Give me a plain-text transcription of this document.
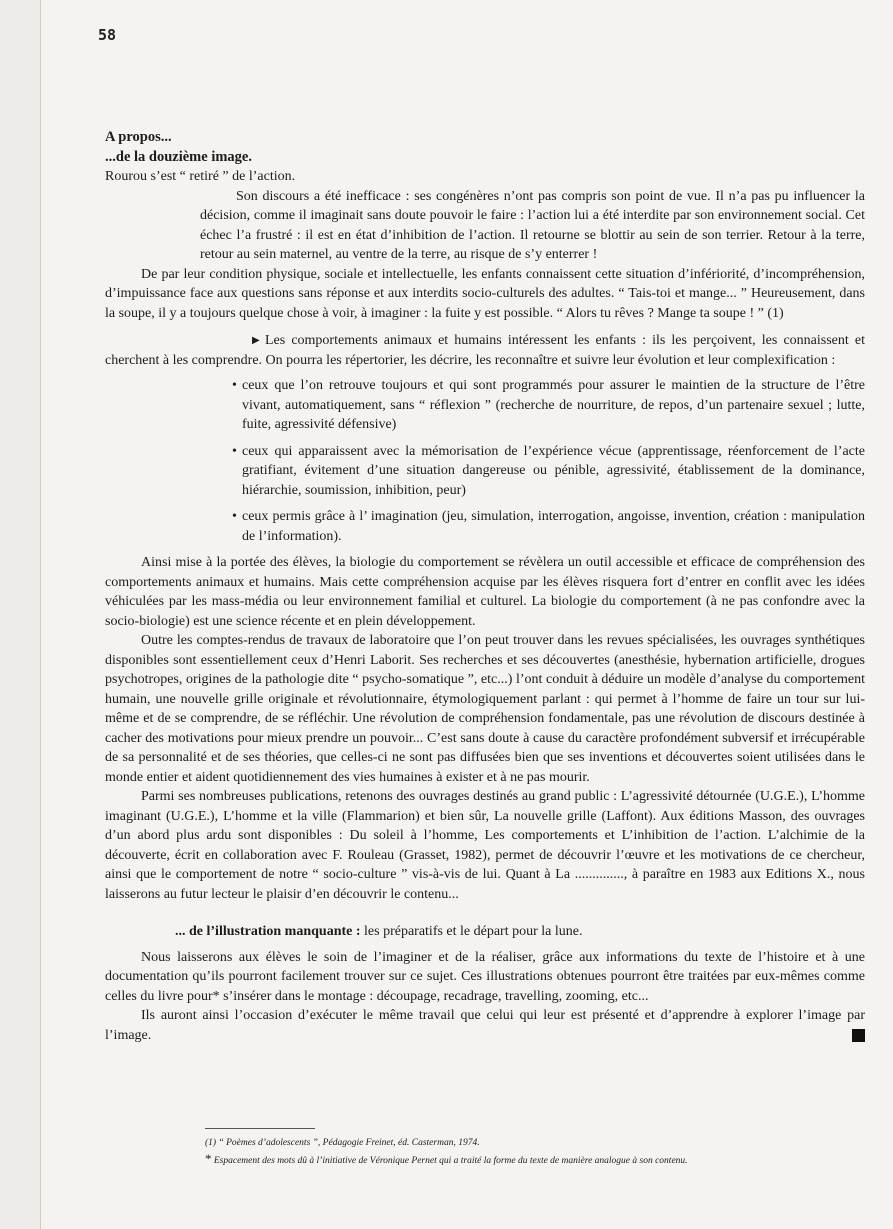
58

A propos...

...de la douzième image.

Rourou s’est “ retiré ” de l’action.

Son discours a été inefficace : ses congénères n’ont pas compris son point de vue. Il n’a pas pu influencer la décision, comme il imaginait sans doute pouvoir le faire : l’action lui a été interdite par son environnement social. Cet échec l’a frustré : il est en état d’inhibition de l’action. Il retourne se blottir au sein de son terrier. Retour à la terre, retour au sein maternel, au ventre de la terre, au risque de s’y enterrer !

De par leur condition physique, sociale et intellectuelle, les enfants connaissent cette situation d’infériorité, d’incompréhension, d’impuissance face aux questions sans réponse et aux interdits socio-culturels des adultes. “ Tais-toi et mange... ” Heureusement, dans la soupe, il y a toujours quelque chose à voir, à imaginer : la fuite y est possible. “ Alors tu rêves ? Mange ta soupe ! ” (1)

▶ Les comportements animaux et humains intéressent les enfants : ils les perçoivent, les connaissent et cherchent à les comprendre. On pourra les répertorier, les décrire, les reconnaître et suivre leur évolution et leur complexification :

• ceux que l’on retrouve toujours et qui sont programmés pour assurer le maintien de la structure de l’être vivant, automatiquement, sans “ réflexion ” (recherche de nourriture, de repos, d’un partenaire sexuel ; lutte, fuite, agressivité défensive)
• ceux qui apparaissent avec la mémorisation de l’expérience vécue (apprentissage, réenforcement de l’acte gratifiant, évitement d’une situation dangereuse ou pénible, agressivité, établissement de la dominance, hiérarchie, soumission, inhibition, peur)
• ceux permis grâce à l’ imagination (jeu, simulation, interrogation, angoisse, invention, création : manipulation de l’information).

Ainsi mise à la portée des élèves, la biologie du comportement se révèlera un outil accessible et efficace de compréhension des comportements animaux et humains. Mais cette compréhension acquise par les élèves risquera fort d’entrer en conflit avec les idées véhiculées par les mass-média ou leur environnement familial et culturel. La biologie du comportement (à ne pas confondre avec la socio-biologie) est une science récente et en plein développement.

Outre les comptes-rendus de travaux de laboratoire que l’on peut trouver dans les revues spécialisées, les ouvrages synthétiques disponibles sont essentiellement ceux d’Henri Laborit. Ses recherches et ses découvertes (anesthésie, hybernation artificielle, drogues psychotropes, origines de la pathologie dite “ psycho-somatique ”, etc...) l’ont conduit à déduire un modèle d’analyse du comportement humain, une nouvelle grille originale et révolutionnaire, étymologiquement parlant : qui permet à l’homme de faire un tour sur lui-même et de se comprendre, de se réfléchir. Une révolution de compréhension fondamentale, pas une révolution de discours destinée à cacher des motivations pour mieux prendre un pouvoir... C’est sans doute à cause du caractère profondément subversif et irrécupérable de sa personnalité et de ses théories, que celles-ci ne sont pas diffusées bien que ses inventions et découvertes soient utilisées dans le monde entier et aident quotidiennement des vies humaines à exister et à ne pas mourir.

Parmi ses nombreuses publications, retenons des ouvrages destinés au grand public : L’agressivité détournée (U.G.E.), L’homme imaginant (U.G.E.), L’homme et la ville (Flammarion) et bien sûr, La nouvelle grille (Laffont). Aux éditions Masson, des ouvrages d’un abord plus ardu sont disponibles : Du soleil à l’homme, Les comportements et L’inhibition de l’action. L’alchimie de la découverte, écrit en collaboration avec F. Rouleau (Grasset, 1982), permet de découvrir l’œuvre et les motivations de ce chercheur, ainsi que le comportement de notre “ socio-culture ” vis-à-vis de lui. Quant à La .............., à paraître en 1983 aux Editions X., nous laisserons au futur lecteur le plaisir d’en découvrir le contenu...

... de l’illustration manquante : les préparatifs et le départ pour la lune.

Nous laisserons aux élèves le soin de l’imaginer et de la réaliser, grâce aux informations du texte de l’histoire et à une documentation qu’ils pourront facilement trouver sur ce sujet. Ces illustrations obtenues pourront être traitées par eux-mêmes comme celles du livre pour* s’insérer dans le montage : découpage, recadrage, travelling, zooming, etc...

Ils auront ainsi l’occasion d’exécuter le même travail que celui qui leur est présenté et d’apprendre à explorer l’image par l’image.

(1) “ Poèmes d’adolescents ”, Pédagogie Freinet, éd. Casterman, 1974.
* Espacement des mots dû à l’initiative de Véronique Pernet qui a traité la forme du texte de manière analogue à son contenu.
